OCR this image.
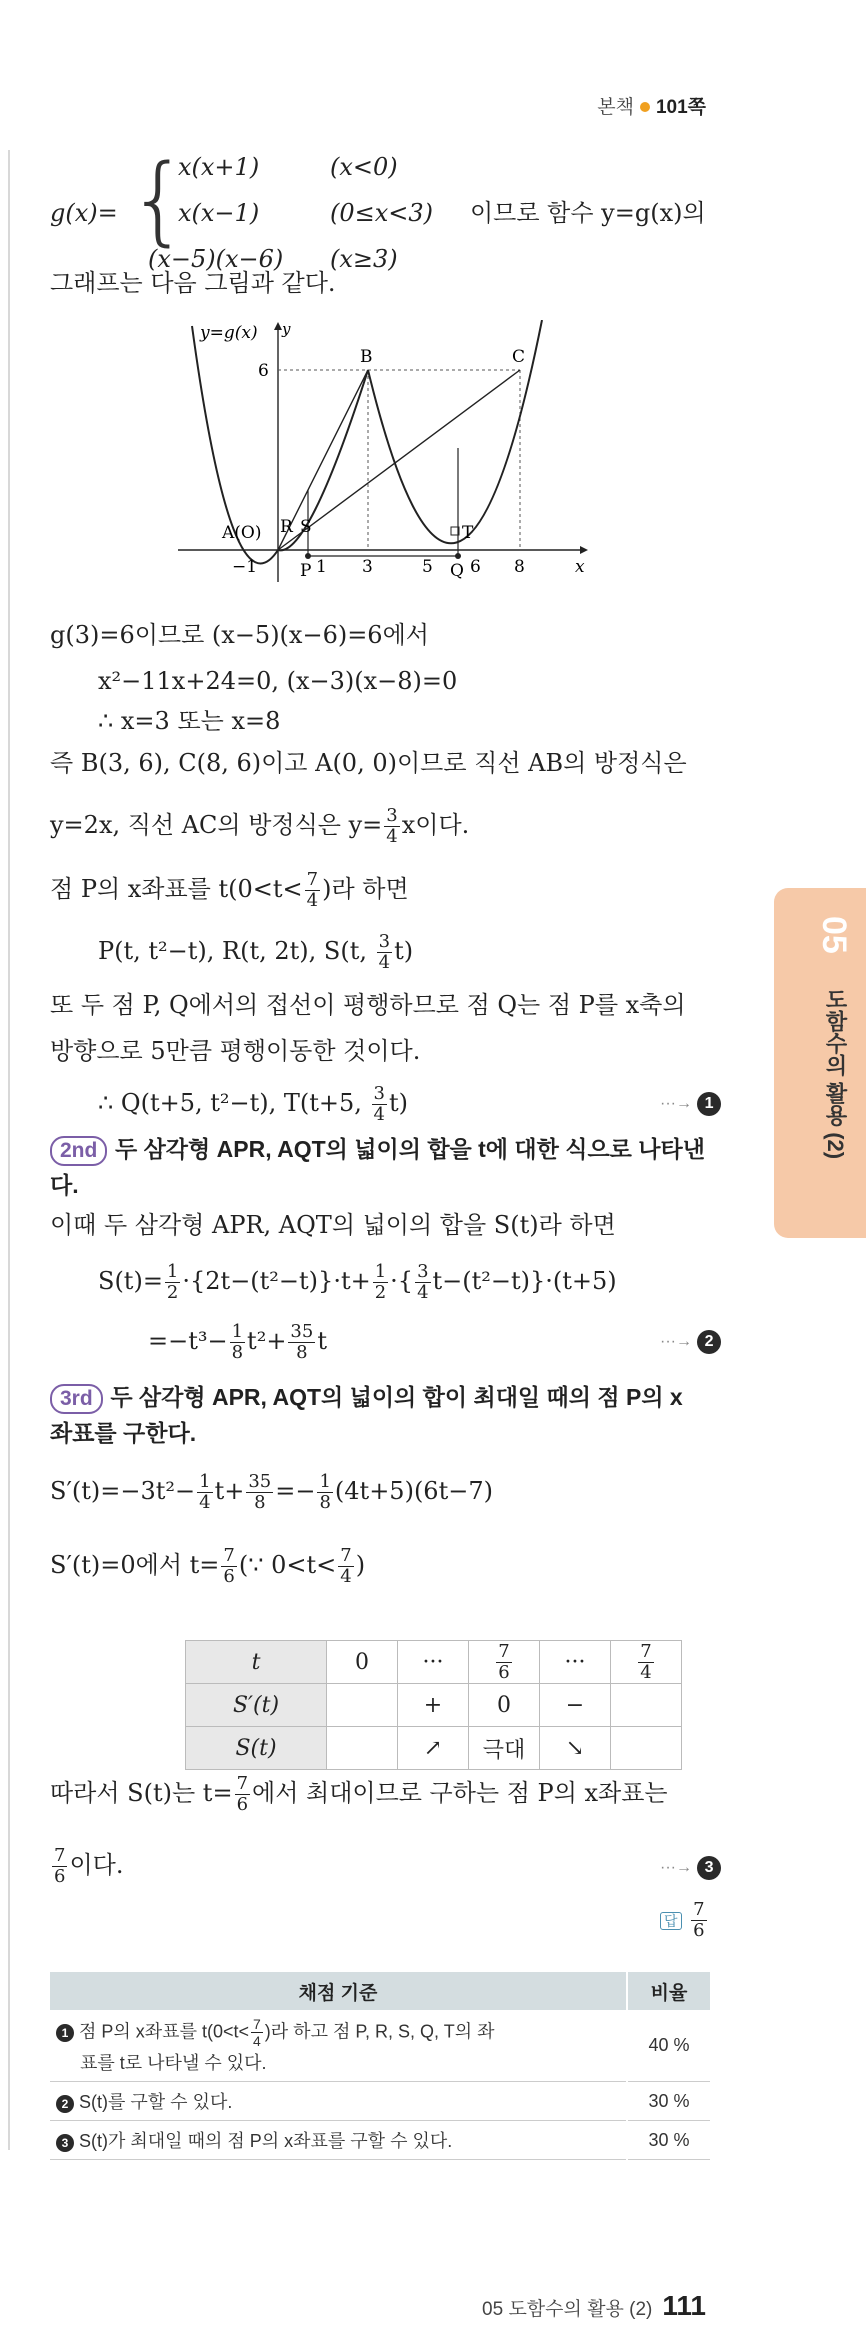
본책 101쪽
05
도함수의 활용 (2)
g(x)= {
x(x+1)	(x<0)
x(x−1)	(0≤x<3) 이므로 함수 y=g(x)의
(x−5)(x−6) (x≥3)
그래프는 다음 그림과 같다.
y=g(x) y
x
6
B	C
A(O) R S	T
P	Q
−1	1 3	5 6 8
g(3)=6이므로 (x−5)(x−6)=6에서
x²−11x+24=0, (x−3)(x−8)=0
∴ x=3 또는 x=8
즉 B(3, 6), C(8, 6)이고 A(0, 0)이므로 직선 AB의 방정식은
y=2x, 직선 AC의 방정식은 $y= \frac{3}{4}$ x이다.
점 P의 x좌표를 $t(0<t< \frac{7}{4}$ )라 하면
P(t, t²−t), R(t, 2t), S(t, $\frac{3}{4} t$)
또 두 점 P, Q에서의 접선이 평행하므로 점 Q는 점 P를 x축의
방향으로 5만큼 평행이동한 것이다.
∴ Q(t+5, t²−t), T(t+5, $\frac{3}{4} t$)	···→ 1
2nd 두 삼각형 APR, AQT의 넓이의 합을 t에 대한 식으로 나타낸
다.
이때 두 삼각형 APR, AQT의 넓이의 합을 S(t)라 하면
$S(t)= \frac{1}{2} \cdot\{2t-(t^2-t)\}\cdot t+ \frac{1}{2}$ ·{ $\frac{3}{4} t-(t^2-t)\}\cdot(t+5)$
$=-t^3- \frac{1}{8} t^2+ \frac{35}{8}$ t	···→ 2
3rd 두 삼각형 APR, AQT의 넓이의 합이 최대일 때의 점 P의 x
좌표를 구한다.
$S'(t)=-3t^2- \frac{1}{4} t+ \frac{35}{8} =- \frac{1}{8} (4t+5)(6t-7)$
S′(t)=0에서 $t= \frac{7}{6}$ (∵ $0<t< \frac{7}{4}$ )
t	0	···	$\frac{7}{6}$	···	$\frac{7}{4}$

S′(t)		+	0	−	
S(t)		↗	극대	↘	
따라서 S(t)는 $t= \frac{7}{6}$ 에서 최대이므로 구하는 점 P의 x좌표는
$\frac{7}{6}$ 이다.	···→ 3
답 $\frac{7}{6}$
채점 기준	비율
1 점 P의 x좌표를 $t(0<t< \frac{7}{4}$ )라 하고 점 P, R, S, Q, T의 좌
표를 t로 나타낼 수 있다.	40 %
2 S(t)를 구할 수 있다.	30 %
3 S(t)가 최대일 때의 점 P의 x좌표를 구할 수 있다.	30 %
05 도함수의 활용 (2) 111
